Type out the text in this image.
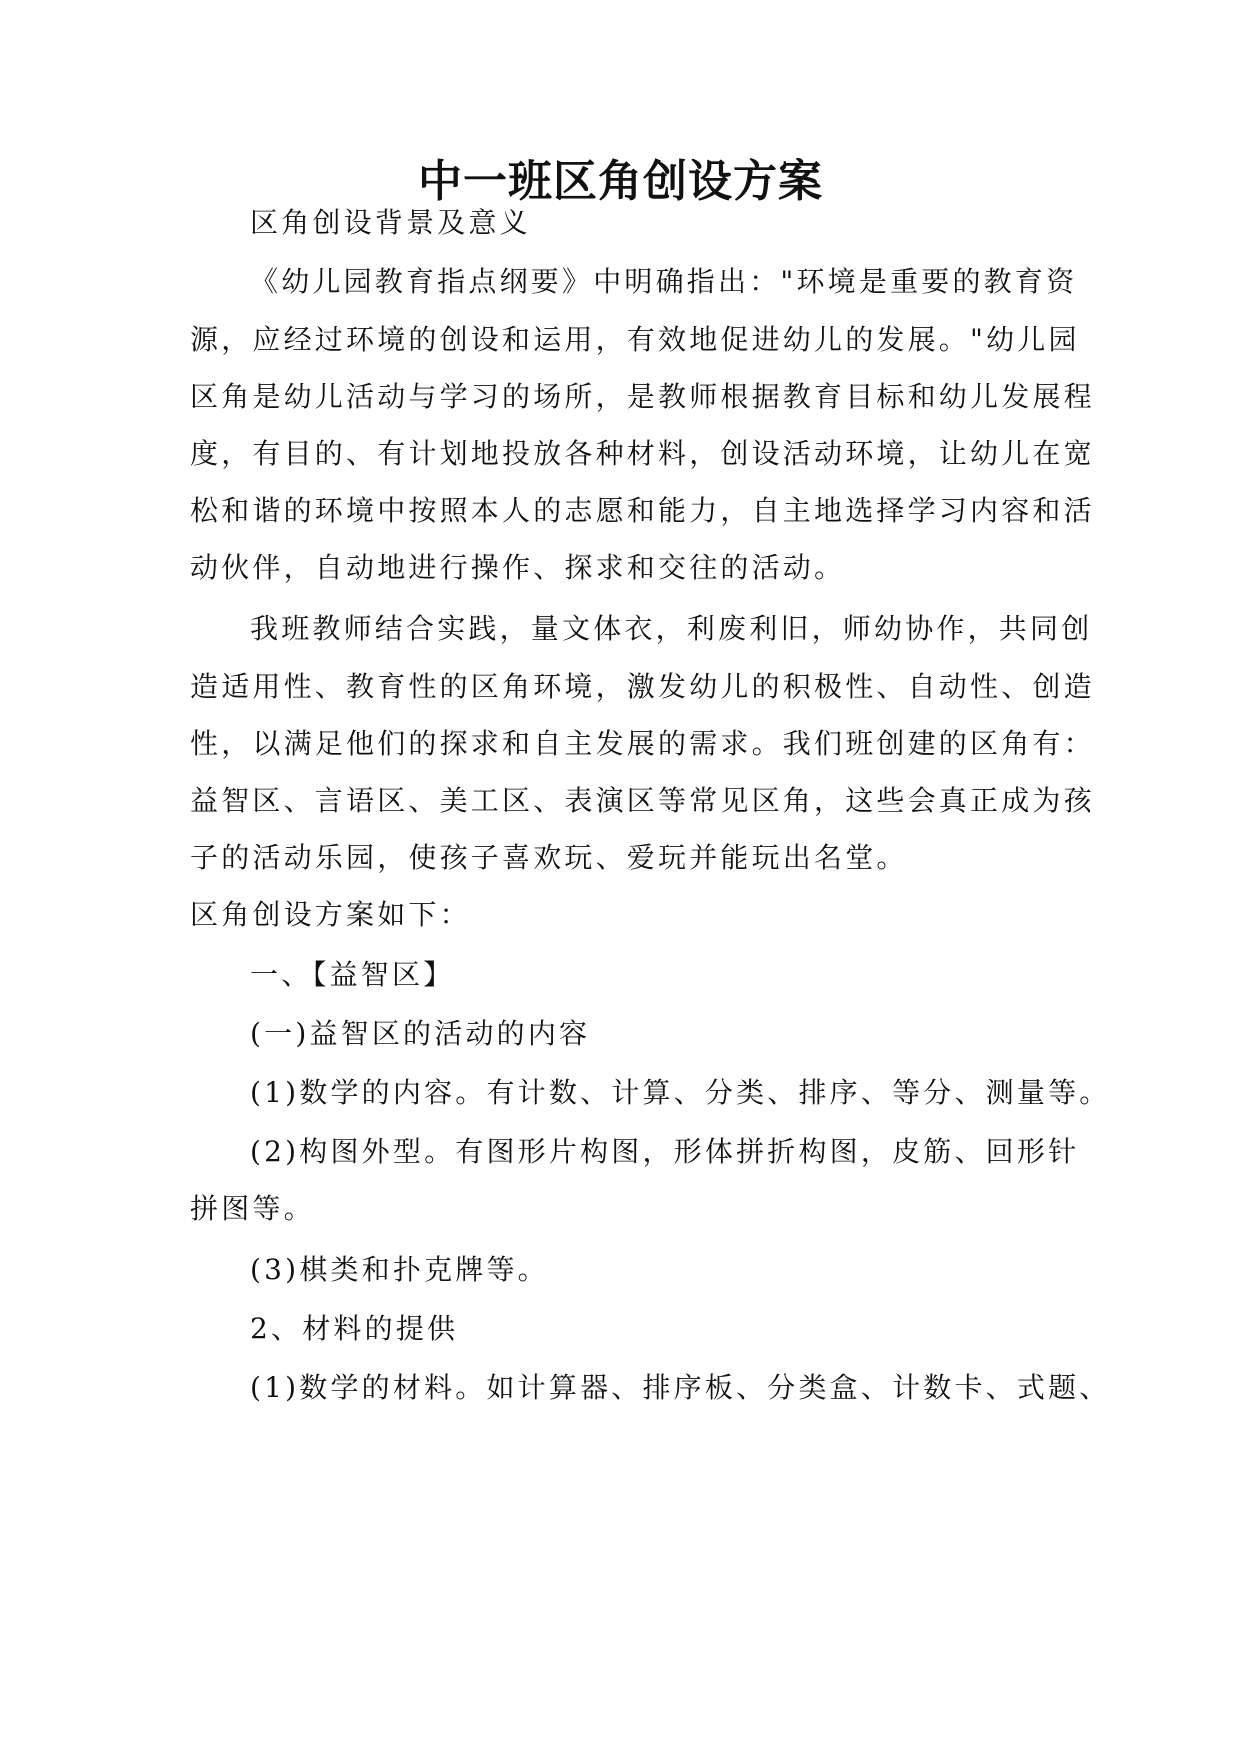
中一班区角创设方案

区角创设背景及意义

《幼儿园教育指点纲要》中明确指出："环境是重要的教育资

源，应经过环境的创设和运用，有效地促进幼儿的发展。"幼儿园

区角是幼儿活动与学习的场所，是教师根据教育目标和幼儿发展程

度，有目的、有计划地投放各种材料，创设活动环境，让幼儿在宽

松和谐的环境中按照本人的志愿和能力，自主地选择学习内容和活

动伙伴，自动地进行操作、探求和交往的活动。

我班教师结合实践，量文体衣，利废利旧，师幼协作，共同创

造适用性、教育性的区角环境，激发幼儿的积极性、自动性、创造

性，以满足他们的探求和自主发展的需求。我们班创建的区角有：

益智区、言语区、美工区、表演区等常见区角，这些会真正成为孩

子的活动乐园，使孩子喜欢玩、爱玩并能玩出名堂。

区角创设方案如下：

一、【益智区】

(一)益智区的活动的内容

(1)数学的内容。有计数、计算、分类、排序、等分、测量等。

(2)构图外型。有图形片构图，形体拼折构图，皮筋、回形针

拼图等。

(3)棋类和扑克牌等。

2、材料的提供

(1)数学的材料。如计算器、排序板、分类盒、计数卡、式题、
